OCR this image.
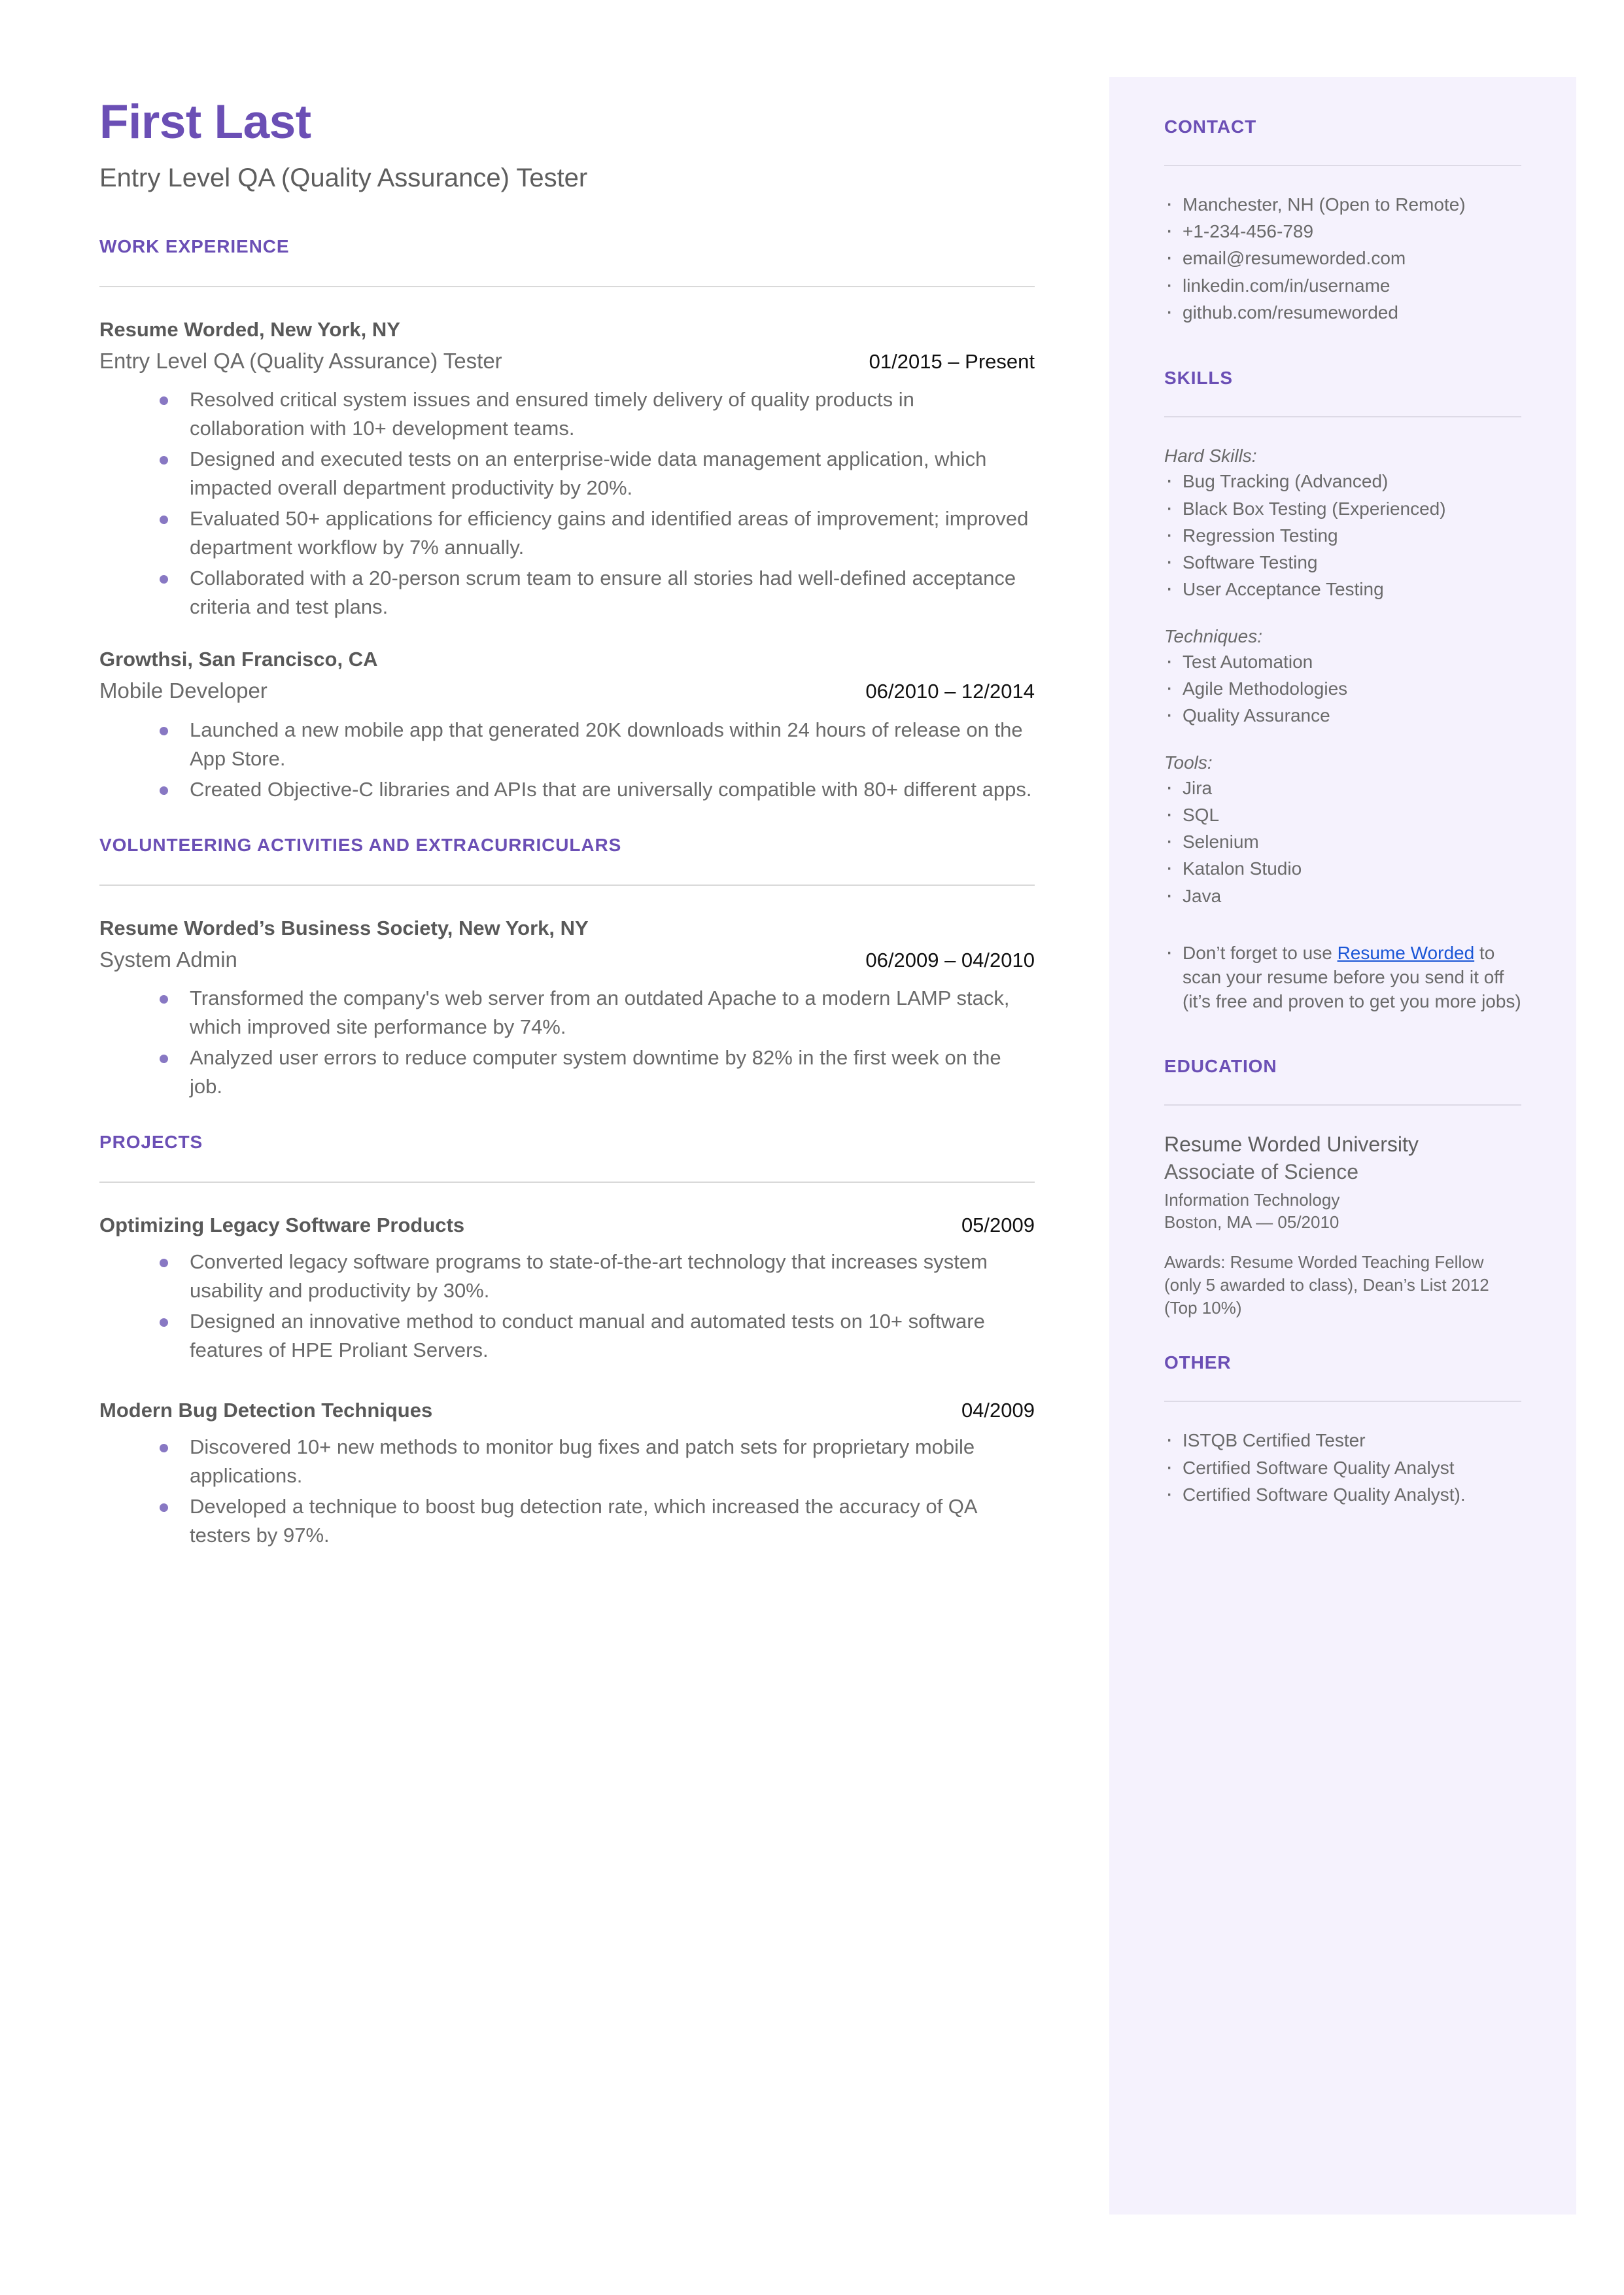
First Last
Entry Level QA (Quality Assurance) Tester
WORK EXPERIENCE
Resume Worded, New York, NY
Entry Level QA (Quality Assurance) Tester	01/2015 – Present
Resolved critical system issues and ensured timely delivery of quality products in collaboration with 10+ development teams.
Designed and executed tests on an enterprise-wide data management application, which impacted overall department productivity by 20%.
Evaluated 50+ applications for efficiency gains and identified areas of improvement; improved department workflow by 7% annually.
Collaborated with a 20-person scrum team to ensure all stories had well-defined acceptance criteria and test plans.
Growthsi, San Francisco, CA
Mobile Developer	06/2010 – 12/2014
Launched a new mobile app that generated 20K downloads within 24 hours of release on the App Store.
Created Objective-C libraries and APIs that are universally compatible with 80+ different apps.
VOLUNTEERING ACTIVITIES AND EXTRACURRICULARS
Resume Worded’s Business Society, New York, NY
System Admin	06/2009 – 04/2010
Transformed the company's web server from an outdated Apache to a modern LAMP stack, which improved site performance by 74%.
Analyzed user errors to reduce computer system downtime by 82% in the first week on the job.
PROJECTS
Optimizing Legacy Software Products	05/2009
Converted legacy software programs to state-of-the-art technology that increases system usability and productivity by 30%.
Designed an innovative method to conduct manual and automated tests on 10+ software features of HPE Proliant Servers.
Modern Bug Detection Techniques	04/2009
Discovered 10+ new methods to monitor bug fixes and patch sets for proprietary mobile applications.
Developed a technique to boost bug detection rate, which increased the accuracy of QA testers by 97%.
CONTACT
· Manchester, NH (Open to Remote)
· +1-234-456-789
· email@resumeworded.com
· linkedin.com/in/username
· github.com/resumeworded
SKILLS
Hard Skills:
· Bug Tracking (Advanced)
· Black Box Testing (Experienced)
· Regression Testing
· Software Testing
· User Acceptance Testing
Techniques:
· Test Automation
· Agile Methodologies
· Quality Assurance
Tools:
· Jira
· SQL
· Selenium
· Katalon Studio
· Java
· Don’t forget to use Resume Worded to scan your resume before you send it off (it’s free and proven to get you more jobs)
EDUCATION
Resume Worded University
Associate of Science
Information Technology
Boston, MA — 05/2010
Awards: Resume Worded Teaching Fellow (only 5 awarded to class), Dean’s List 2012 (Top 10%)
OTHER
· ISTQB Certified Tester
· Certified Software Quality Analyst
· Certified Software Quality Analyst).
